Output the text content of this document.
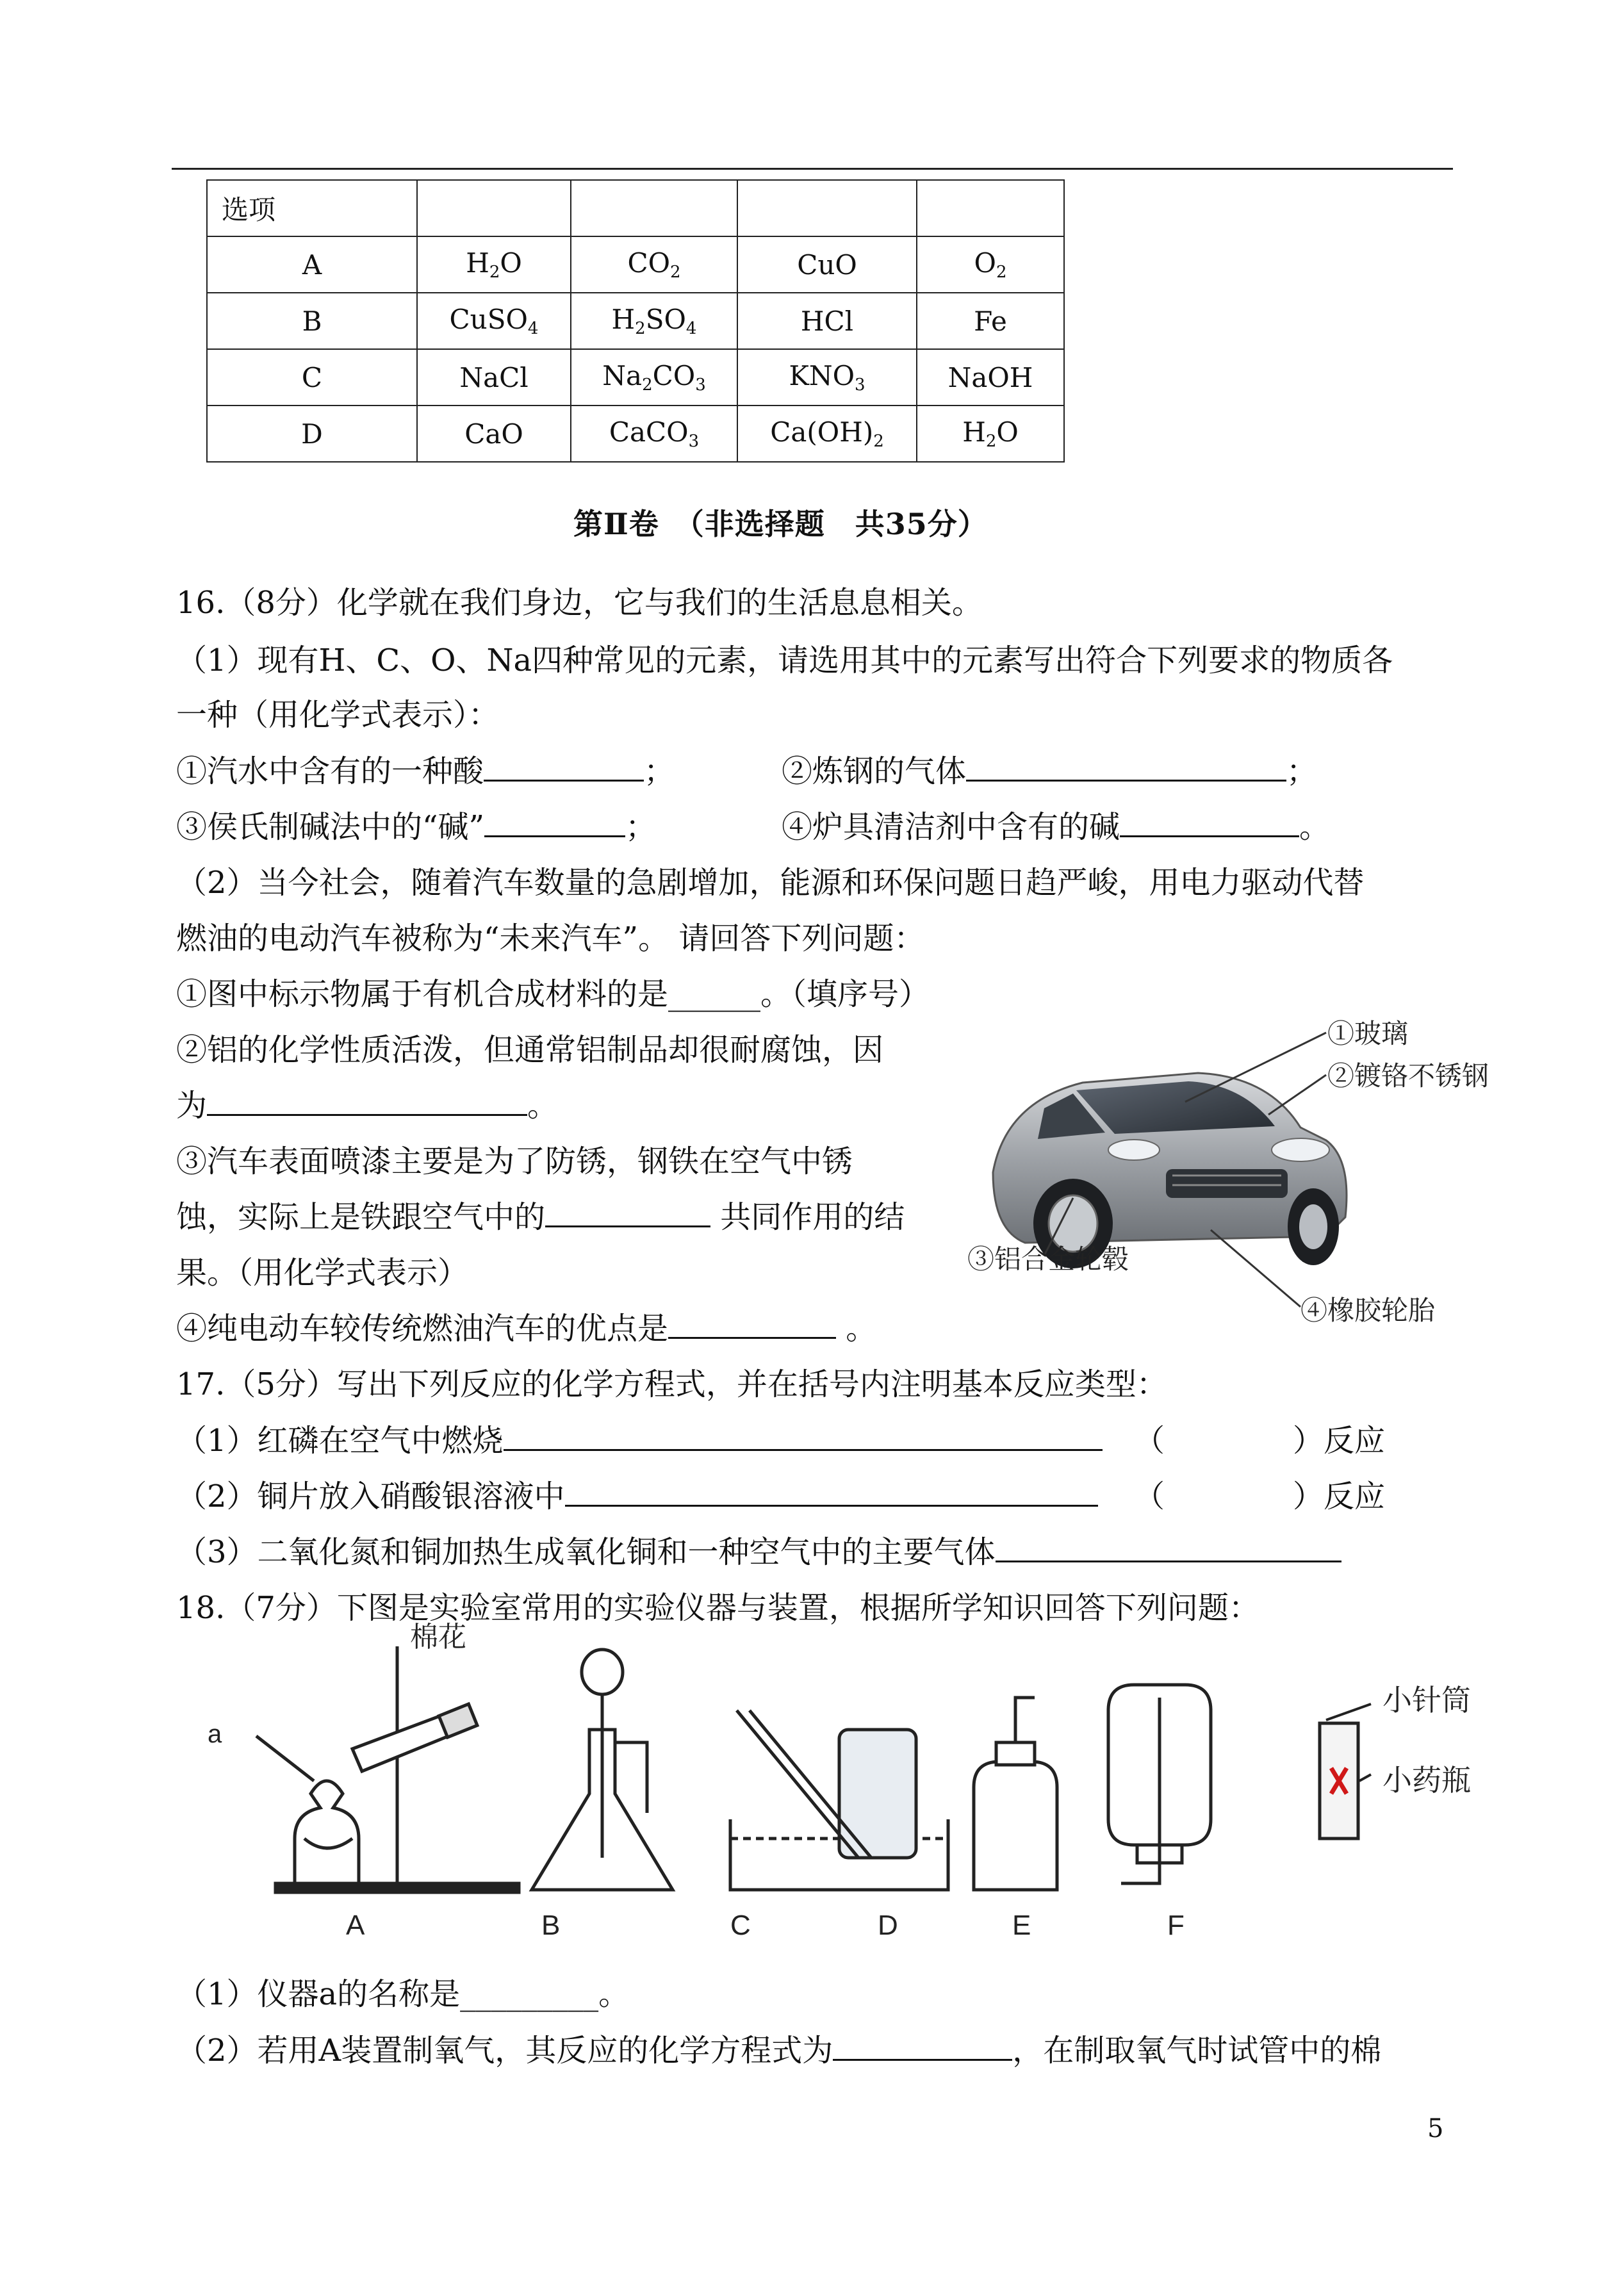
选项				
A	$H_2O$	$CO_2$	CuO	$O_2$
B	CuSO$_4$	$H_2SO_4$	HCl	Fe
C	NaCl	$Na_2CO_3$	$KNO_3$	NaOH
D	CaO	CaCO$_3$	$Ca(OH)_2$	$H_2O$
第Ⅱ卷　（非选择题　共35分）
16.（8分）化学就在我们身边，它与我们的生活息息相关。
（1）现有H、C、O、Na四种常见的元素，请选用其中的元素写出符合下列要求的物质各
一种（用化学式表示）：
①汽水中含有的一种酸	；	②炼钢的气体	；
③侯氏制碱法中的“碱”	；	④炉具清洁剂中含有的碱	。
（2）当今社会，随着汽车数量的急剧增加，能源和环保问题日趋严峻，用电力驱动代替
燃油的电动汽车被称为“未来汽车”。 请回答下列问题：
①图中标示物属于有机合成材料的是______。（填序号）
②铝的化学性质活泼，但通常铝制品却很耐腐蚀，因
为	。
③汽车表面喷漆主要是为了防锈，钢铁在空气中锈
蚀，实际上是铁跟空气中的	共同作用的结
果。（用化学式表示）
④纯电动车较传统燃油汽车的优点是	。
①玻璃
②镀铬不锈钢
③铝合金轮毂
④橡胶轮胎
17.（5分）写出下列反应的化学方程式，并在括号内注明基本反应类型：
（1）红磷在空气中燃烧	（	）反应
（2）铜片放入硝酸银溶液中	（	）反应
（3）二氧化氮和铜加热生成氧化铜和一种空气中的主要气体
18.（7分）下图是实验室常用的实验仪器与装置，根据所学知识回答下列问题：
棉花
a
小针筒
小药瓶
A	B	C	D	E	F
（1）仪器a的名称是_________。
（2）若用A装置制氧气，其反应的化学方程式为	，在制取氧气时试管中的棉
5
